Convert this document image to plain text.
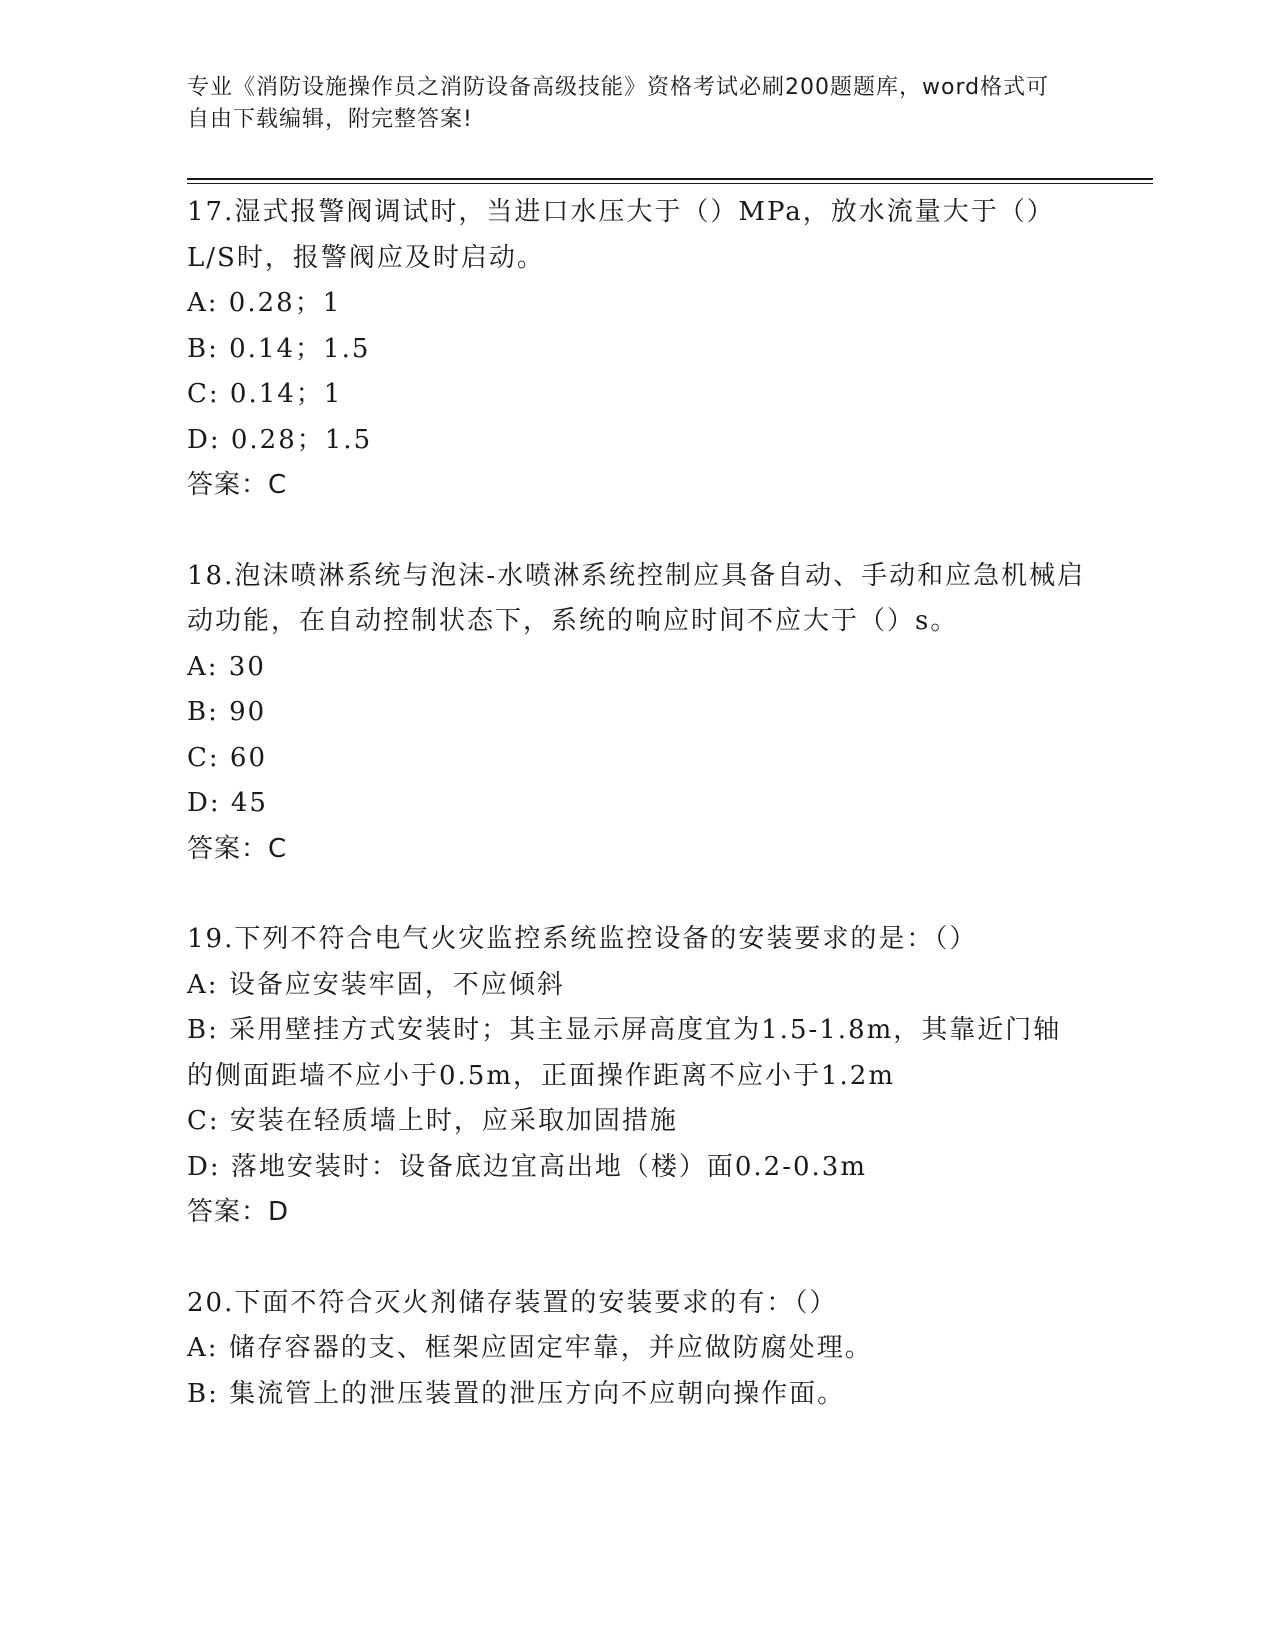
专业《消防设施操作员之消防设备高级技能》资格考试必刷200题题库，word格式可自由下载编辑，附完整答案!

17.湿式报警阀调试时，当进口水压大于（）MPa，放水流量大于（）L/S时，报警阀应及时启动。

A: 0.28；1

B: 0.14；1.5

C: 0.14；1

D: 0.28；1.5

答案：C

18.泡沫喷淋系统与泡沫-水喷淋系统控制应具备自动、手动和应急机械启动功能，在自动控制状态下，系统的响应时间不应大于（）s。

A: 30

B: 90

C: 60

D: 45

答案：C

19.下列不符合电气火灾监控系统监控设备的安装要求的是：（）

A: 设备应安装牢固，不应倾斜

B: 采用壁挂方式安装时；其主显示屏高度宜为1.5-1.8m，其靠近门轴的侧面距墙不应小于0.5m，正面操作距离不应小于1.2m

C: 安装在轻质墙上时，应采取加固措施

D: 落地安装时：设备底边宜高出地（楼）面0.2-0.3m

答案：D

20.下面不符合灭火剂储存装置的安装要求的有：（）

A: 储存容器的支、框架应固定牢靠，并应做防腐处理。

B: 集流管上的泄压装置的泄压方向不应朝向操作面。
